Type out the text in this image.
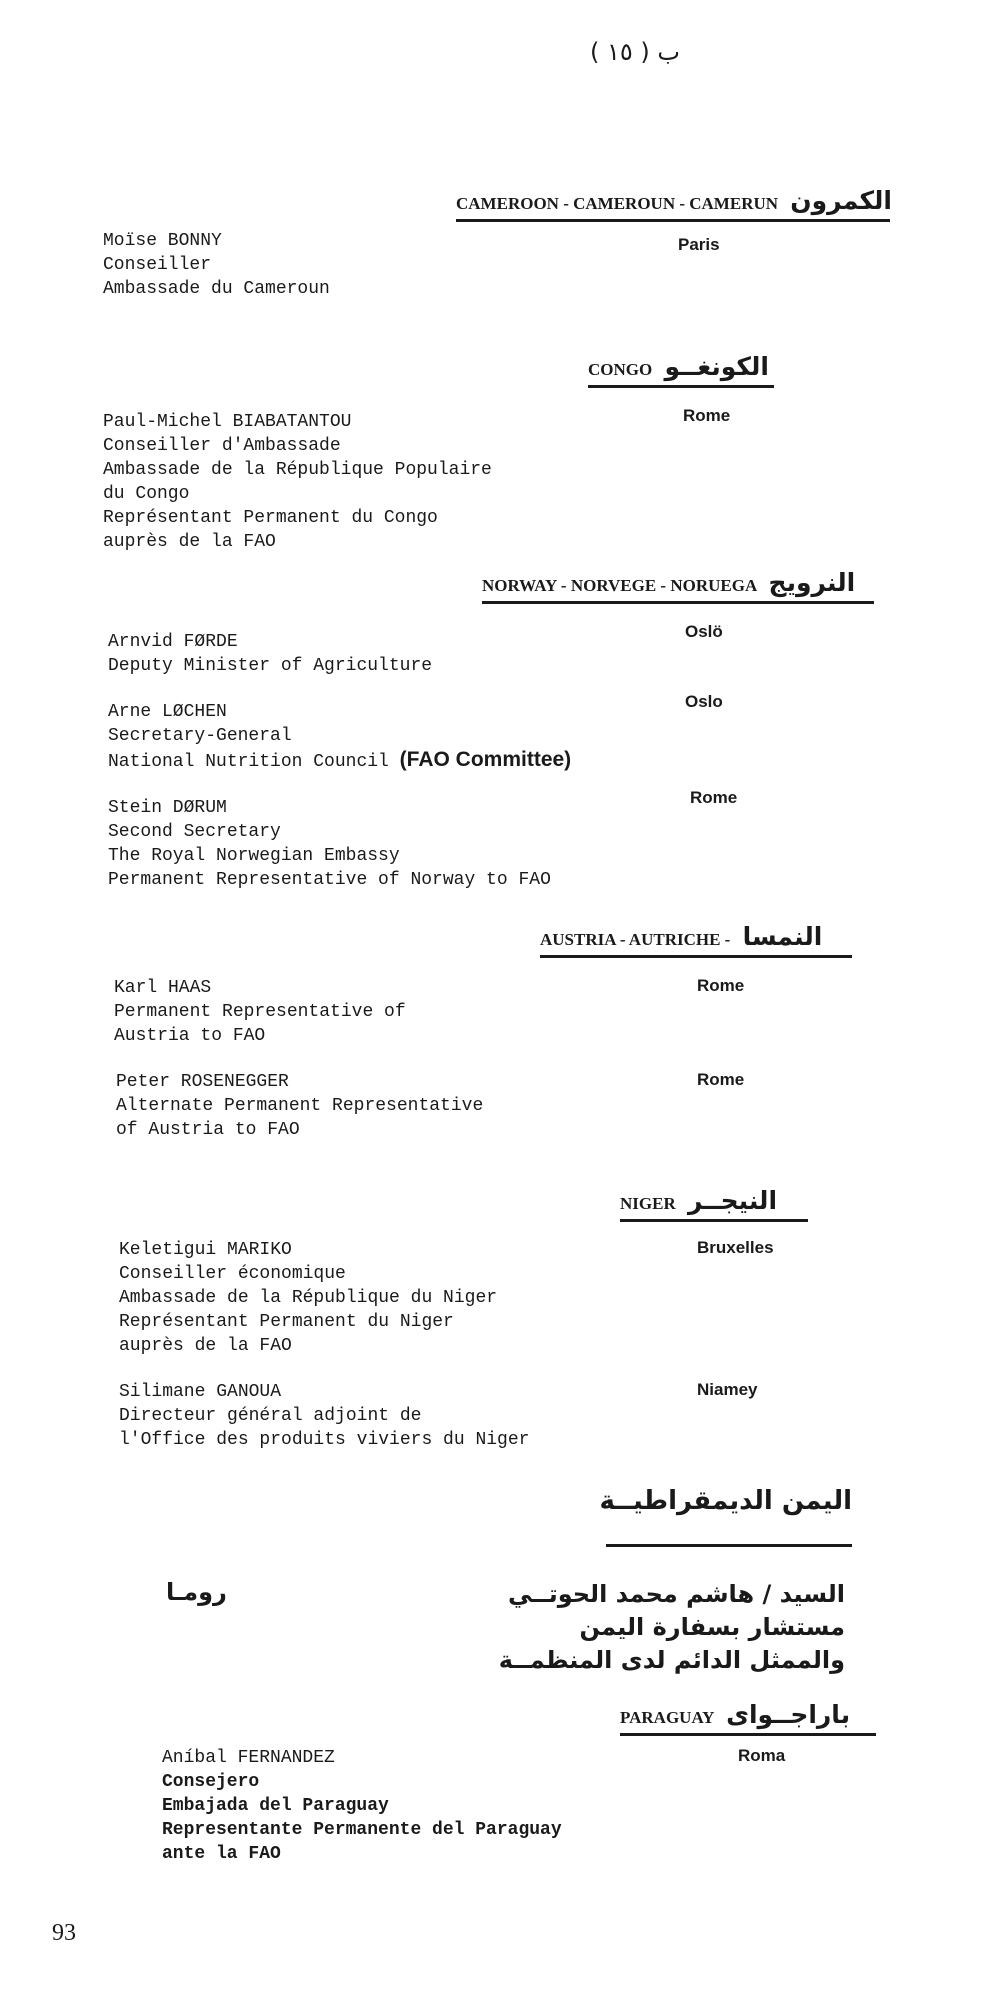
( ١٥ ) ب
CAMEROON - CAMEROUN - CAMERUN الكمرون
Moïse BONNY
Conseiller
Ambassade du Cameroun
Paris
CONGO الكونغــو
Paul-Michel BIABATANTOU
Conseiller d'Ambassade
Ambassade de la République Populaire
du Congo
Représentant Permanent du Congo
auprès de la FAO
Rome
NORWAY - NORVEGE - NORUEGA النرويج
Arnvid FØRDE
Deputy Minister of Agriculture
Oslö
Arne LØCHEN
Secretary-General
National Nutrition Council (FAO Committee)
Oslo
Stein DØRUM
Second Secretary
The Royal Norwegian Embassy
Permanent Representative of Norway to FAO
Rome
AUSTRIA - AUTRICHE - النمسا
Karl HAAS
Permanent Representative of
Austria to FAO
Rome
Peter ROSENEGGER
Alternate Permanent Representative
of Austria to FAO
Rome
NIGER النيجــر
Keletigui MARIKO
Conseiller économique
Ambassade de la République du Niger
Représentant Permanent du Niger
auprès de la FAO
Bruxelles
Silimane GANOUA
Directeur général adjoint de
l'Office des produits viviers du Niger
Niamey
اليمن الديمقراطيــة
السيد / هاشم محمد الحوتــي
مستشار بسفارة اليمن
والممثل الدائم لدى المنظمــة
رومـا
PARAGUAY باراجــواى
Aníbal FERNANDEZ
Consejero
Embajada del Paraguay
Representante Permanente del Paraguay
ante la FAO
Roma
93
